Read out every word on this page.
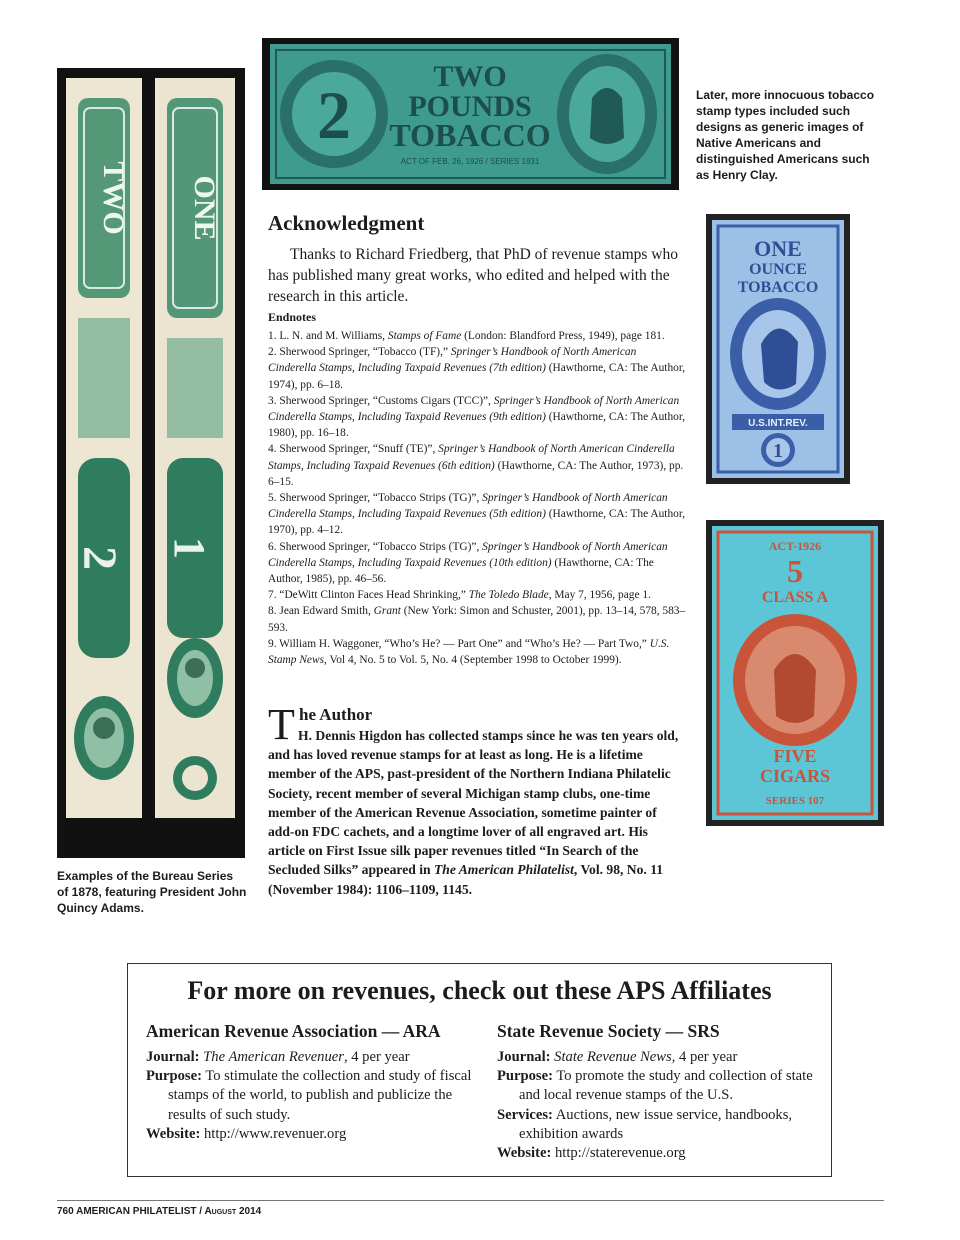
TWO
2
ONE
1
Examples of the Bureau Series of 1878, featuring President John Quincy Adams.
2
TWO
POUNDS
TOBACCO
ACT OF FEB. 26, 1926 / SERIES 1931
Later, more innocuous tobacco stamp types included such designs as generic images of Native Americans and distinguished Americans such as Henry Clay.
ONE
OUNCE
TOBACCO
U.S.INT.REV.
1
ACT-1926
5
CLASS A
FIVE
CIGARS
SERIES 107
Acknowledgment

Thanks to Richard Friedberg, that PhD of revenue stamps who has published many great works, who edited and helped with the research in this article.

Endnotes
1. L. N. and M. Williams, Stamps of Fame (London: Blandford Press, 1949), page 181.
2. Sherwood Springer, “Tobacco (TF),” Springer’s Handbook of North American Cinderella Stamps, Including Taxpaid Revenues (7th edition) (Hawthorne, CA: The Author, 1974), pp. 6–18.
3. Sherwood Springer, “Customs Cigars (TCC)”, Springer’s Handbook of North American Cinderella Stamps, Including Taxpaid Revenues (9th edition) (Hawthorne, CA: The Author, 1980), pp. 16–18.
4. Sherwood Springer, “Snuff (TE)”, Springer’s Handbook of North American Cinderella Stamps, Including Taxpaid Revenues (6th edition) (Hawthorne, CA: The Author, 1973), pp. 6–15.
5. Sherwood Springer, “Tobacco Strips (TG)”, Springer’s Handbook of North American Cinderella Stamps, Including Taxpaid Revenues (5th edition) (Hawthorne, CA: The Author, 1970), pp. 4–12.
6. Sherwood Springer, “Tobacco Strips (TG)”, Springer’s Handbook of North American Cinderella Stamps, Including Taxpaid Revenues (10th edition) (Hawthorne, CA: The Author, 1985), pp. 46–56.
7. “DeWitt Clinton Faces Head Shrinking,” The Toledo Blade, May 7, 1956, page 1.
8. Jean Edward Smith, Grant (New York: Simon and Schuster, 2001), pp. 13–14, 578, 583–593.
9. William H. Waggoner, “Who’s He? — Part One” and “Who’s He? — Part Two,” U.S. Stamp News, Vol 4, No. 5 to Vol. 5, No. 4 (September 1998 to October 1999).
T he Author

H. Dennis Higdon has collected stamps since he was ten years old, and has loved revenue stamps for at least as long. He is a lifetime member of the APS, past-president of the Northern Indiana Philatelic Society, recent member of several Michigan stamp clubs, one-time member of the American Revenue Association, sometime painter of add-on FDC cachets, and a longtime lover of all engraved art. His article on First Issue silk paper revenues titled “In Search of the Secluded Silks” appeared in The American Philatelist, Vol. 98, No. 11 (November 1984): 1106–1109, 1145.

For more on revenues, check out these APS Affiliates
American Revenue Association — ARA

Journal: The American Revenuer, 4 per year

Purpose: To stimulate the collection and study of fiscal stamps of the world, to publish and publicize the results of such study.

Website: http://www.revenuer.org

State Revenue Society — SRS

Journal: State Revenue News, 4 per year

Purpose: To promote the study and collection of state and local revenue stamps of the U.S.

Services: Auctions, new issue service, handbooks, exhibition awards

Website: http://staterevenue.org

760 AMERICAN PHILATELIST / August 2014
